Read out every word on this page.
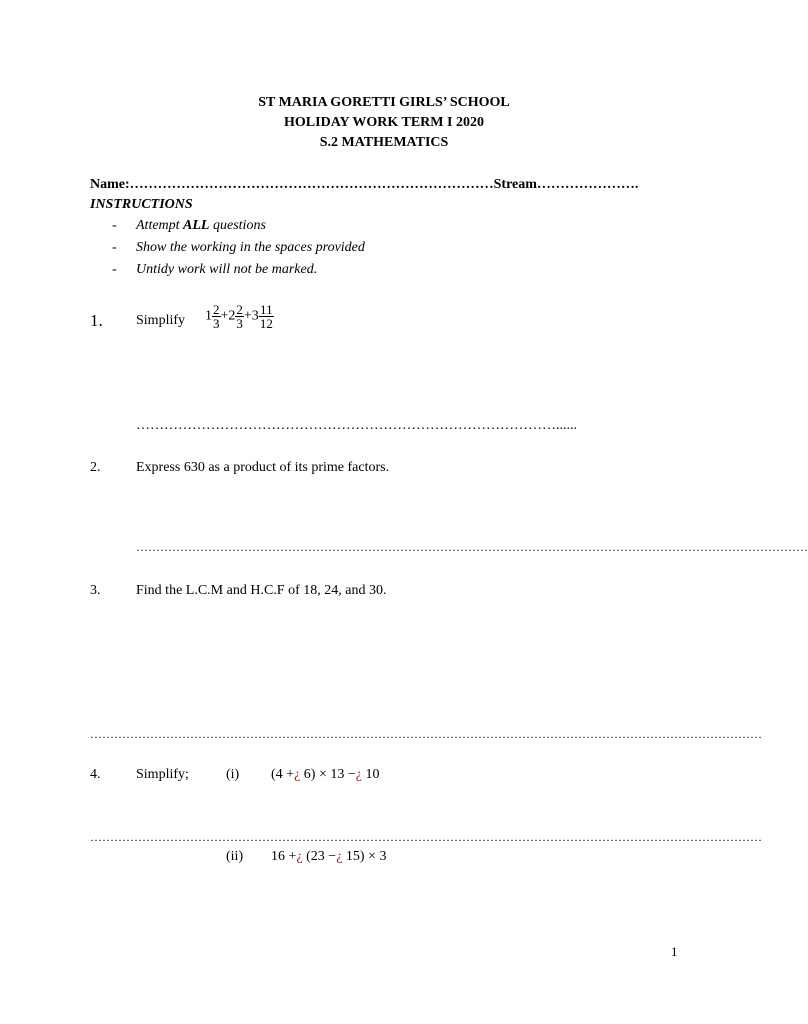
ST MARIA GORETTI GIRLS’ SCHOOL
HOLIDAY WORK TERM I 2020
S.2 MATHEMATICS
Name:……………………………………………………………………Stream………………….
INSTRUCTIONS
- Attempt ALL questions
- Show the working in the spaces provided
- Untidy work will not be marked.
1. Simplify $1 \frac{2}{3} +2 \frac{2}{3} +3 \frac{11}{12}$
………………………………………………………………………………......
2.	Express 630 as a product of its prime factors.
……………………………………………………………………………………………………………………………………………………
3.	Find the L.C.M and H.C.F of 18, 24, and 30.
……………………………………………………………………………………………………………………………………………………
4.	Simplify;	(i) (4 +¿ 6) × 13 −¿ 10
……………………………………………………………………………………………………………………………………………………
(ii) 16 +¿ (23 −¿ 15) × 3
1
